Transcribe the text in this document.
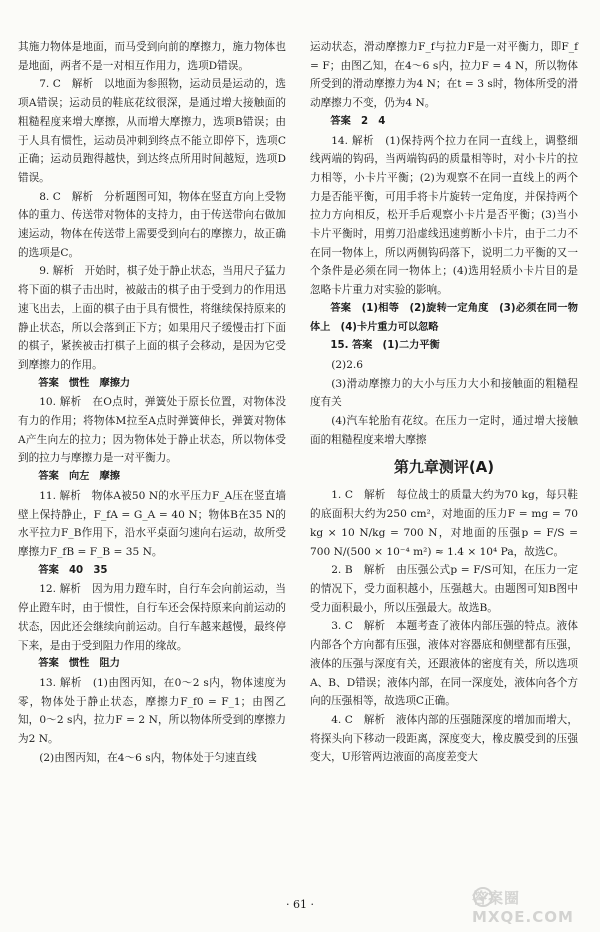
其施力物体是地面，而马受到向前的摩擦力，施力物体也是地面，两者不是一对相互作用力，选项D错误。

7. C　解析　以地面为参照物，运动员是运动的，选项A错误；运动员的鞋底花纹很深，是通过增大接触面的粗糙程度来增大摩擦，从而增大摩擦力，选项B错误；由于人具有惯性，运动员冲刺到终点不能立即停下，选项C正确；运动员跑得越快，到达终点所用时间越短，选项D错误。

8. C　解析　分析题图可知，物体在竖直方向上受物体的重力、传送带对物体的支持力，由于传送带向右做加速运动，物体在传送带上需要受到向右的摩擦力，故正确的选项是C。

9. 解析　开始时，棋子处于静止状态，当用尺子猛力将下面的棋子击出时，被敲击的棋子由于受到力的作用迅速飞出去，上面的棋子由于具有惯性，将继续保持原来的静止状态，所以会落到正下方；如果用尺子缓慢击打下面的棋子，紧挨被击打棋子上面的棋子会移动，是因为它受到摩擦力的作用。

答案　惯性　摩擦力

10. 解析　在O点时，弹簧处于原长位置，对物体没有力的作用；将物体M拉至A点时弹簧伸长，弹簧对物体A产生向左的拉力；因为物体处于静止状态，所以物体受到的拉力与摩擦力是一对平衡力。

答案　向左　摩擦

11. 解析　物体A被50 N的水平压力F_A压在竖直墙壁上保持静止，F_fA = G_A = 40 N；物体B在35 N的水平拉力F_B作用下，沿水平桌面匀速向右运动，故所受摩擦力F_fB = F_B = 35 N。

答案　40　35

12. 解析　因为用力蹬车时，自行车会向前运动，当停止蹬车时，由于惯性，自行车还会保持原来向前运动的状态，因此还会继续向前运动。自行车越来越慢，最终停下来，是由于受到阻力作用的缘故。

答案　惯性　阻力

13. 解析　(1)由图丙知，在0～2 s内，物体速度为零，物体处于静止状态，摩擦力F_f0 = F_1；由图乙知，0～2 s内，拉力F = 2 N，所以物体所受到的摩擦力为2 N。

(2)由图丙知，在4～6 s内，物体处于匀速直线

运动状态，滑动摩擦力F_f与拉力F是一对平衡力，即F_f = F；由图乙知，在4～6 s内，拉力F = 4 N，所以物体所受到的滑动摩擦力为4 N；在t = 3 s时，物体所受的滑动摩擦力不变，仍为4 N。

答案　2　4

14. 解析　(1)保持两个拉力在同一直线上，调整细线两端的钩码，当两端钩码的质量相等时，对小卡片的拉力相等，小卡片平衡；(2)为观察不在同一直线上的两个力是否能平衡，可用手将卡片旋转一定角度，并保持两个拉力方向相反，松开手后观察小卡片是否平衡；(3)当小卡片平衡时，用剪刀沿虚线迅速剪断小卡片，由于二力不在同一物体上，所以两侧钩码落下，说明二力平衡的又一个条件是必须在同一物体上；(4)选用轻质小卡片目的是忽略卡片重力对实验的影响。

答案　(1)相等　(2)旋转一定角度　(3)必须在同一物体上　(4)卡片重力可以忽略

15. 答案　(1)二力平衡

(2)2.6

(3)滑动摩擦力的大小与压力大小和接触面的粗糙程度有关

(4)汽车轮胎有花纹。在压力一定时，通过增大接触面的粗糙程度来增大摩擦

第九章测评(A)

1. C　解析　每位战士的质量大约为70 kg，每只鞋的底面积大约为250 cm²，对地面的压力F = mg = 70 kg × 10 N/kg = 700 N，对地面的压强p = F/S = 700 N/(500 × 10⁻⁴ m²) ≈ 1.4 × 10⁴ Pa，故选C。

2. B　解析　由压强公式p = F/S可知，在压力一定的情况下，受力面积越小，压强越大。由题图可知B图中受力面积最小，所以压强最大。故选B。

3. C　解析　本题考查了液体内部压强的特点。液体内部各个方向都有压强，液体对容器底和侧壁都有压强，液体的压强与深度有关，还跟液体的密度有关，所以选项A、B、D错误；液体内部，在同一深度处，液体向各个方向的压强相等，故选项C正确。

4. C　解析　液体内部的压强随深度的增加而增大，将探头向下移动一段距离，深度变大，橡皮膜受到的压强变大，U形管两边液面的高度差变大

· 61 ·	答案圈 MXQE.COM
